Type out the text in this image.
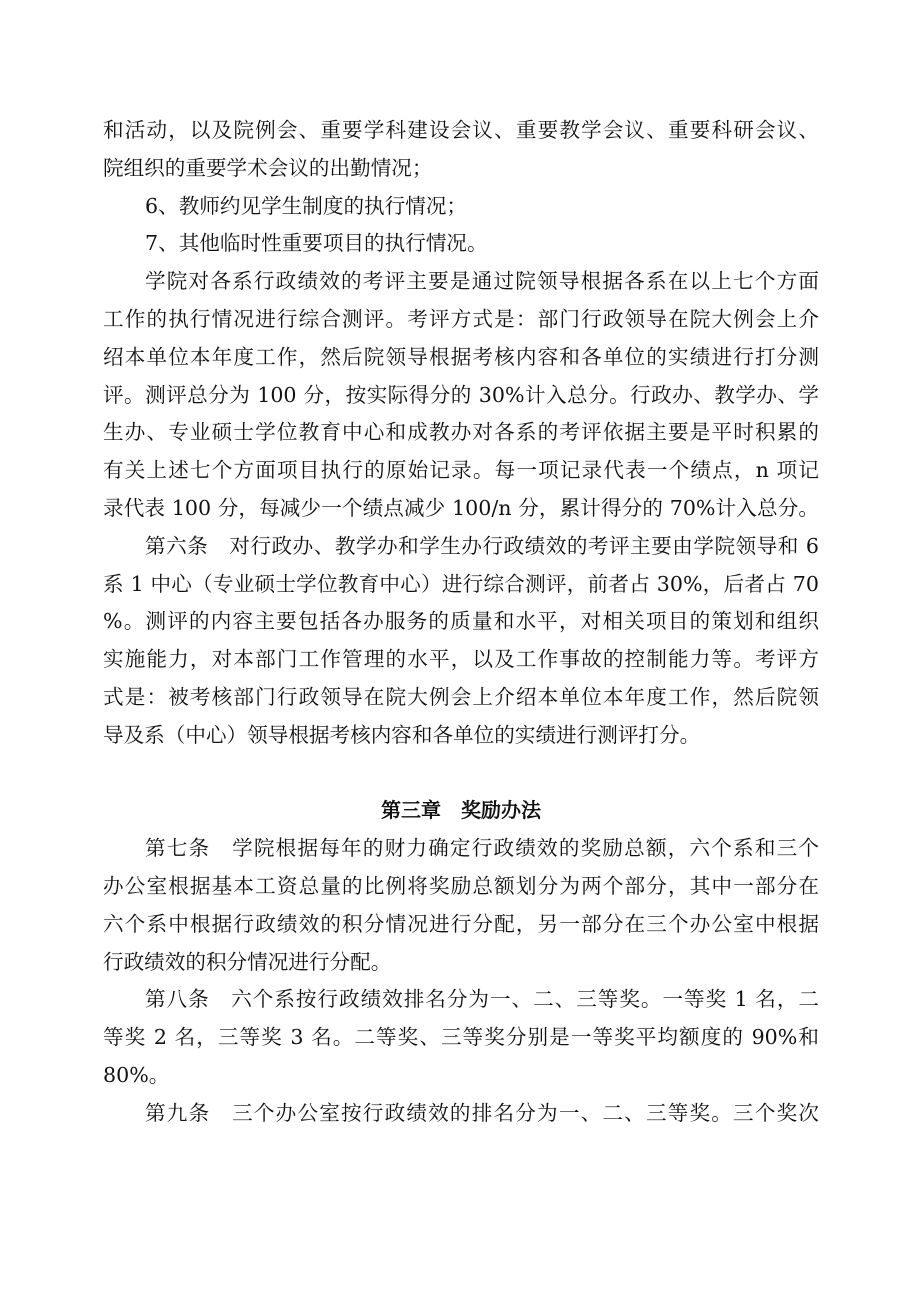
和活动，以及院例会、重要学科建设会议、重要教学会议、重要科研会议、
院组织的重要学术会议的出勤情况；
6、教师约见学生制度的执行情况；
7、其他临时性重要项目的执行情况。
学院对各系行政绩效的考评主要是通过院领导根据各系在以上七个方面
工作的执行情况进行综合测评。考评方式是：部门行政领导在院大例会上介
绍本单位本年度工作，然后院领导根据考核内容和各单位的实绩进行打分测
评。测评总分为 100 分，按实际得分的 30%计入总分。行政办、教学办、学
生办、专业硕士学位教育中心和成教办对各系的考评依据主要是平时积累的
有关上述七个方面项目执行的原始记录。每一项记录代表一个绩点，n 项记
录代表 100 分，每减少一个绩点减少 100/n 分，累计得分的 70%计入总分。
第六条　对行政办、教学办和学生办行政绩效的考评主要由学院领导和 6
系 1 中心（专业硕士学位教育中心）进行综合测评，前者占 30%，后者占 70
%。测评的内容主要包括各办服务的质量和水平，对相关项目的策划和组织
实施能力，对本部门工作管理的水平，以及工作事故的控制能力等。考评方
式是：被考核部门行政领导在院大例会上介绍本单位本年度工作，然后院领
导及系（中心）领导根据考核内容和各单位的实绩进行测评打分。
第三章　奖励办法
第七条　学院根据每年的财力确定行政绩效的奖励总额，六个系和三个
办公室根据基本工资总量的比例将奖励总额划分为两个部分，其中一部分在
六个系中根据行政绩效的积分情况进行分配，另一部分在三个办公室中根据
行政绩效的积分情况进行分配。
第八条　六个系按行政绩效排名分为一、二、三等奖。一等奖 1 名，二
等奖 2 名，三等奖 3 名。二等奖、三等奖分别是一等奖平均额度的 90%和
80%。
第九条　三个办公室按行政绩效的排名分为一、二、三等奖。三个奖次
